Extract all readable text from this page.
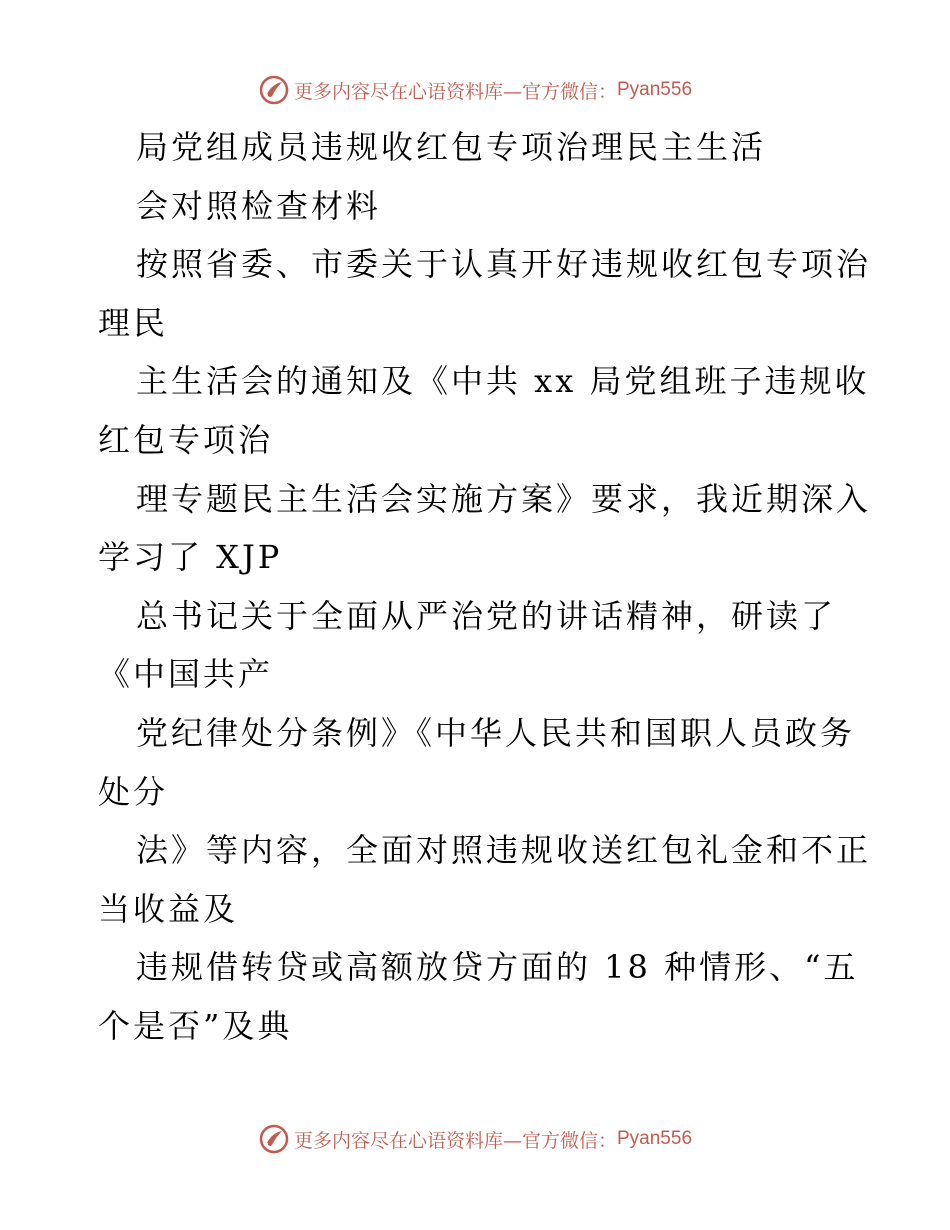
更多内容尽在心语资料库—官方微信： Pyan556
局党组成员违规收红包专项治理民主生活
会对照检查材料
按照省委、市委关于认真开好违规收红包专项治
理民
主生活会的通知及《中共 xx 局党组班子违规收
红包专项治
理专题民主生活会实施方案》要求，我近期深入
学习了 XJP
总书记关于全面从严治党的讲话精神，研读了
《中国共产
党纪律处分条例》《中华人民共和国职人员政务
处分
法》等内容，全面对照违规收送红包礼金和不正
当收益及
违规借转贷或高额放贷方面的 18 种情形、“五
个是否”及典
更多内容尽在心语资料库—官方微信： Pyan556
